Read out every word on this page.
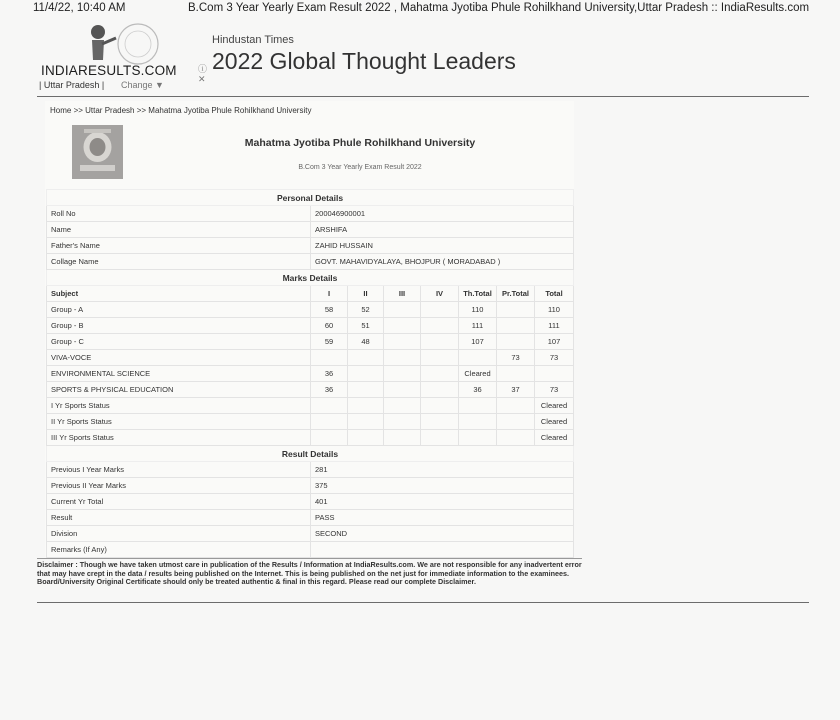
11/4/22, 10:40 AM	B.Com 3 Year Yearly Exam Result 2022 , Mahatma Jyotiba Phule Rohilkhand University,Uttar Pradesh :: IndiaResults.com
INDIARESULTS.COM
| Uttar Pradesh | Change ▼
Hindustan Times
2022 Global Thought Leaders
ⓘ
✕
Home >> Uttar Pradesh >> Mahatma Jyotiba Phule Rohilkhand University
Mahatma Jyotiba Phule Rohilkhand University
B.Com 3 Year Yearly Exam Result 2022
Personal Details							
Roll No	200046900001						
Name	ARSHIFA						
Father's Name	ZAHID HUSSAIN						
Collage Name	GOVT. MAHAVIDYALAYA, BHOJPUR ( MORADABAD )						
Marks Details							
Subject	I	II	III	IV	Th.Total	Pr.Total	Total
Group - A	58	52			110		110
Group - B	60	51			111		111
Group - C	59	48			107		107
VIVA-VOCE						73	73
ENVIRONMENTAL SCIENCE	36				Cleared		
SPORTS & PHYSICAL EDUCATION	36				36	37	73
I Yr Sports Status							Cleared
II Yr Sports Status							Cleared
III Yr Sports Status							Cleared
Result Details							
Previous I Year Marks	281						
Previous II Year Marks	375						
Current Yr Total	401						
Result	PASS						
Division	SECOND						
Remarks (If Any)							
Disclaimer : Though we have taken utmost care in publication of the Results / Information at IndiaResults.com. We are not responsible for any inadvertent error that may have crept in the data / results being published on the Internet. This is being published on the net just for immediate information to the examinees. Board/University Original Certificate should only be treated authentic & final in this regard. Please read our complete Disclaimer.
